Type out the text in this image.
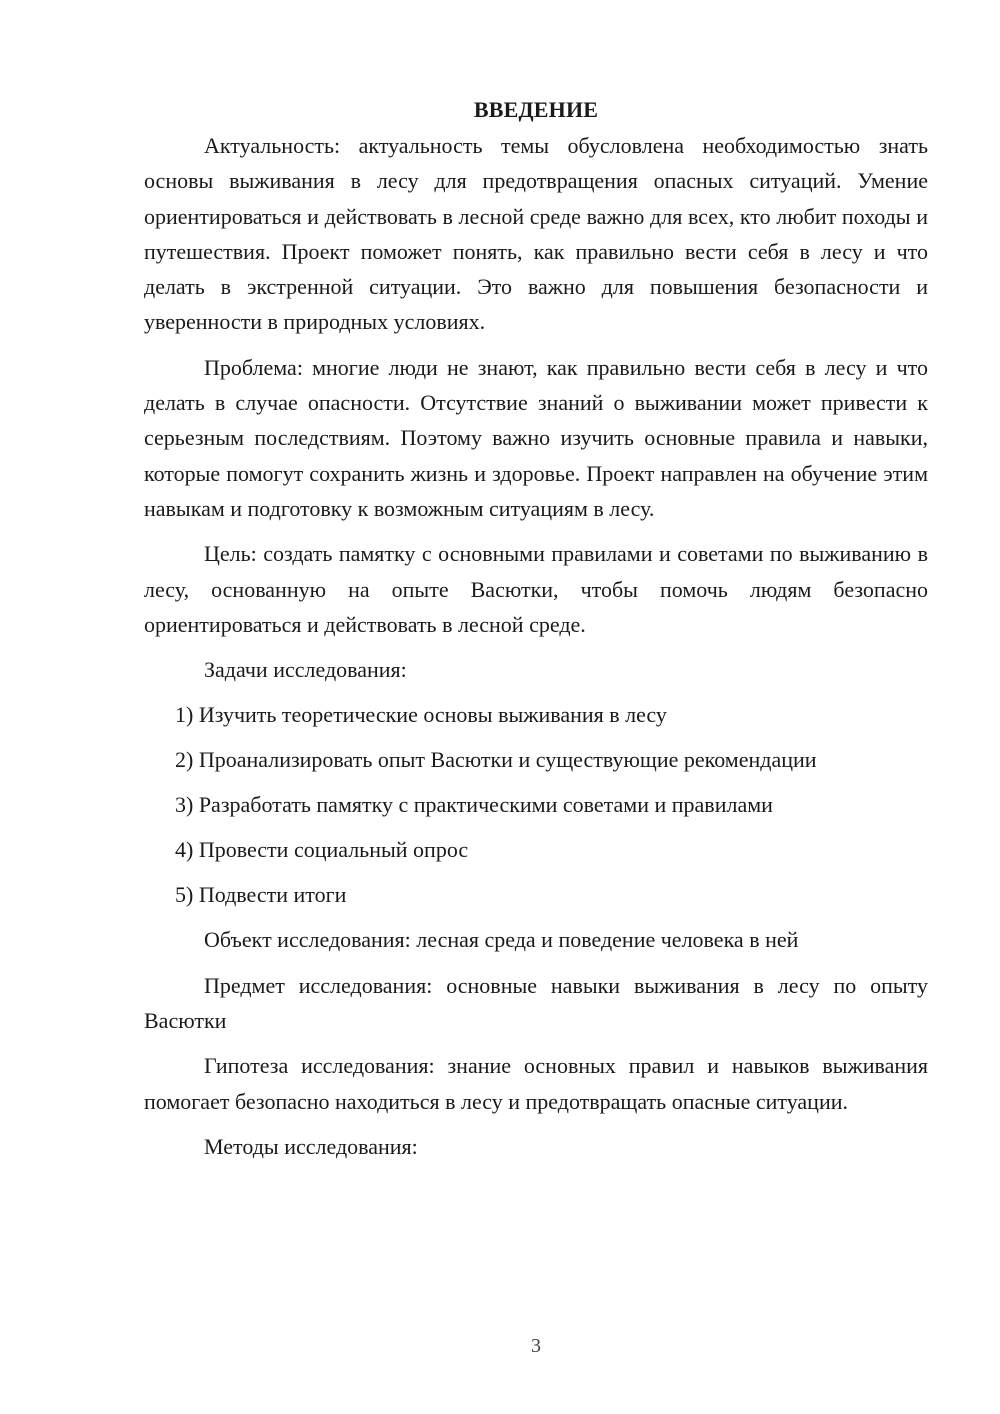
ВВЕДЕНИЕ

Актуальность: актуальность темы обусловлена необходимостью знать основы выживания в лесу для предотвращения опасных ситуаций. Умение ориентироваться и действовать в лесной среде важно для всех, кто любит походы и путешествия. Проект поможет понять, как правильно вести себя в лесу и что делать в экстренной ситуации. Это важно для повышения безопасности и уверенности в природных условиях.

Проблема: многие люди не знают, как правильно вести себя в лесу и что делать в случае опасности. Отсутствие знаний о выживании может привести к серьезным последствиям. Поэтому важно изучить основные правила и навыки, которые помогут сохранить жизнь и здоровье. Проект направлен на обучение этим навыкам и подготовку к возможным ситуациям в лесу.

Цель: создать памятку с основными правилами и советами по выживанию в лесу, основанную на опыте Васютки, чтобы помочь людям безопасно ориентироваться и действовать в лесной среде.

Задачи исследования:

1) Изучить теоретические основы выживания в лесу
2) Проанализировать опыт Васютки и существующие рекомендации
3) Разработать памятку с практическими советами и правилами
4) Провести социальный опрос
5) Подвести итоги

Объект исследования: лесная среда и поведение человека в ней

Предмет исследования: основные навыки выживания в лесу по опыту Васютки

Гипотеза исследования: знание основных правил и навыков выживания помогает безопасно находиться в лесу и предотвращать опасные ситуации.

Методы исследования:

3
